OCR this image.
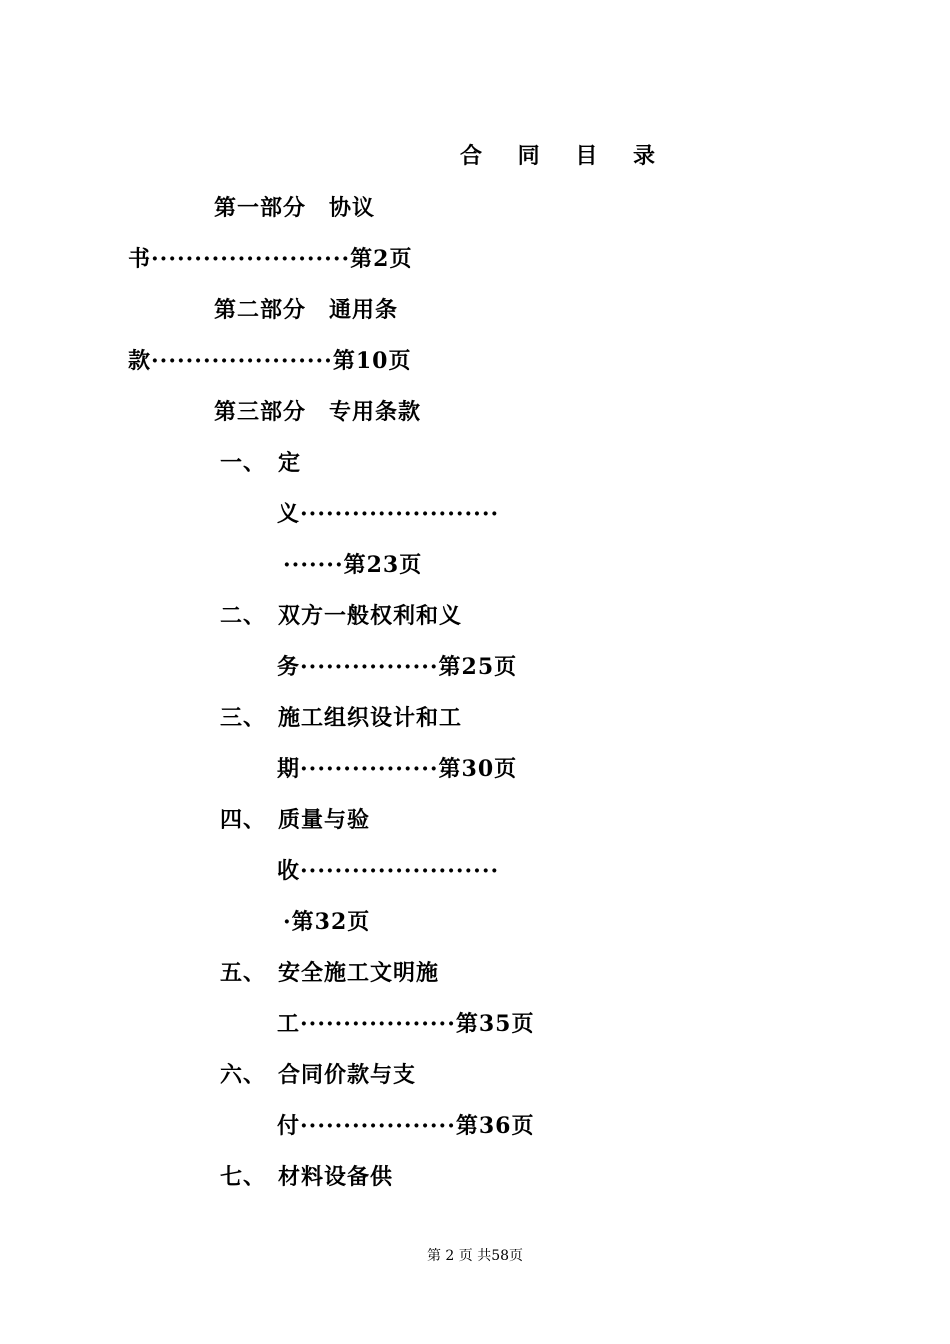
合 同 目 录
第一部分　协议
书·······················第2页
第二部分　通用条
款·····················第10页
第三部分　专用条款
一、　定
义·······················
·······第23页
二、　双方一般权利和义
务················第25页
三、　施工组织设计和工
期················第30页
四、　质量与验
收·······················
·第32页
五、　安全施工文明施
工··················第35页
六、　合同价款与支
付··················第36页
七、　材料设备供
第 2 页 共58页
